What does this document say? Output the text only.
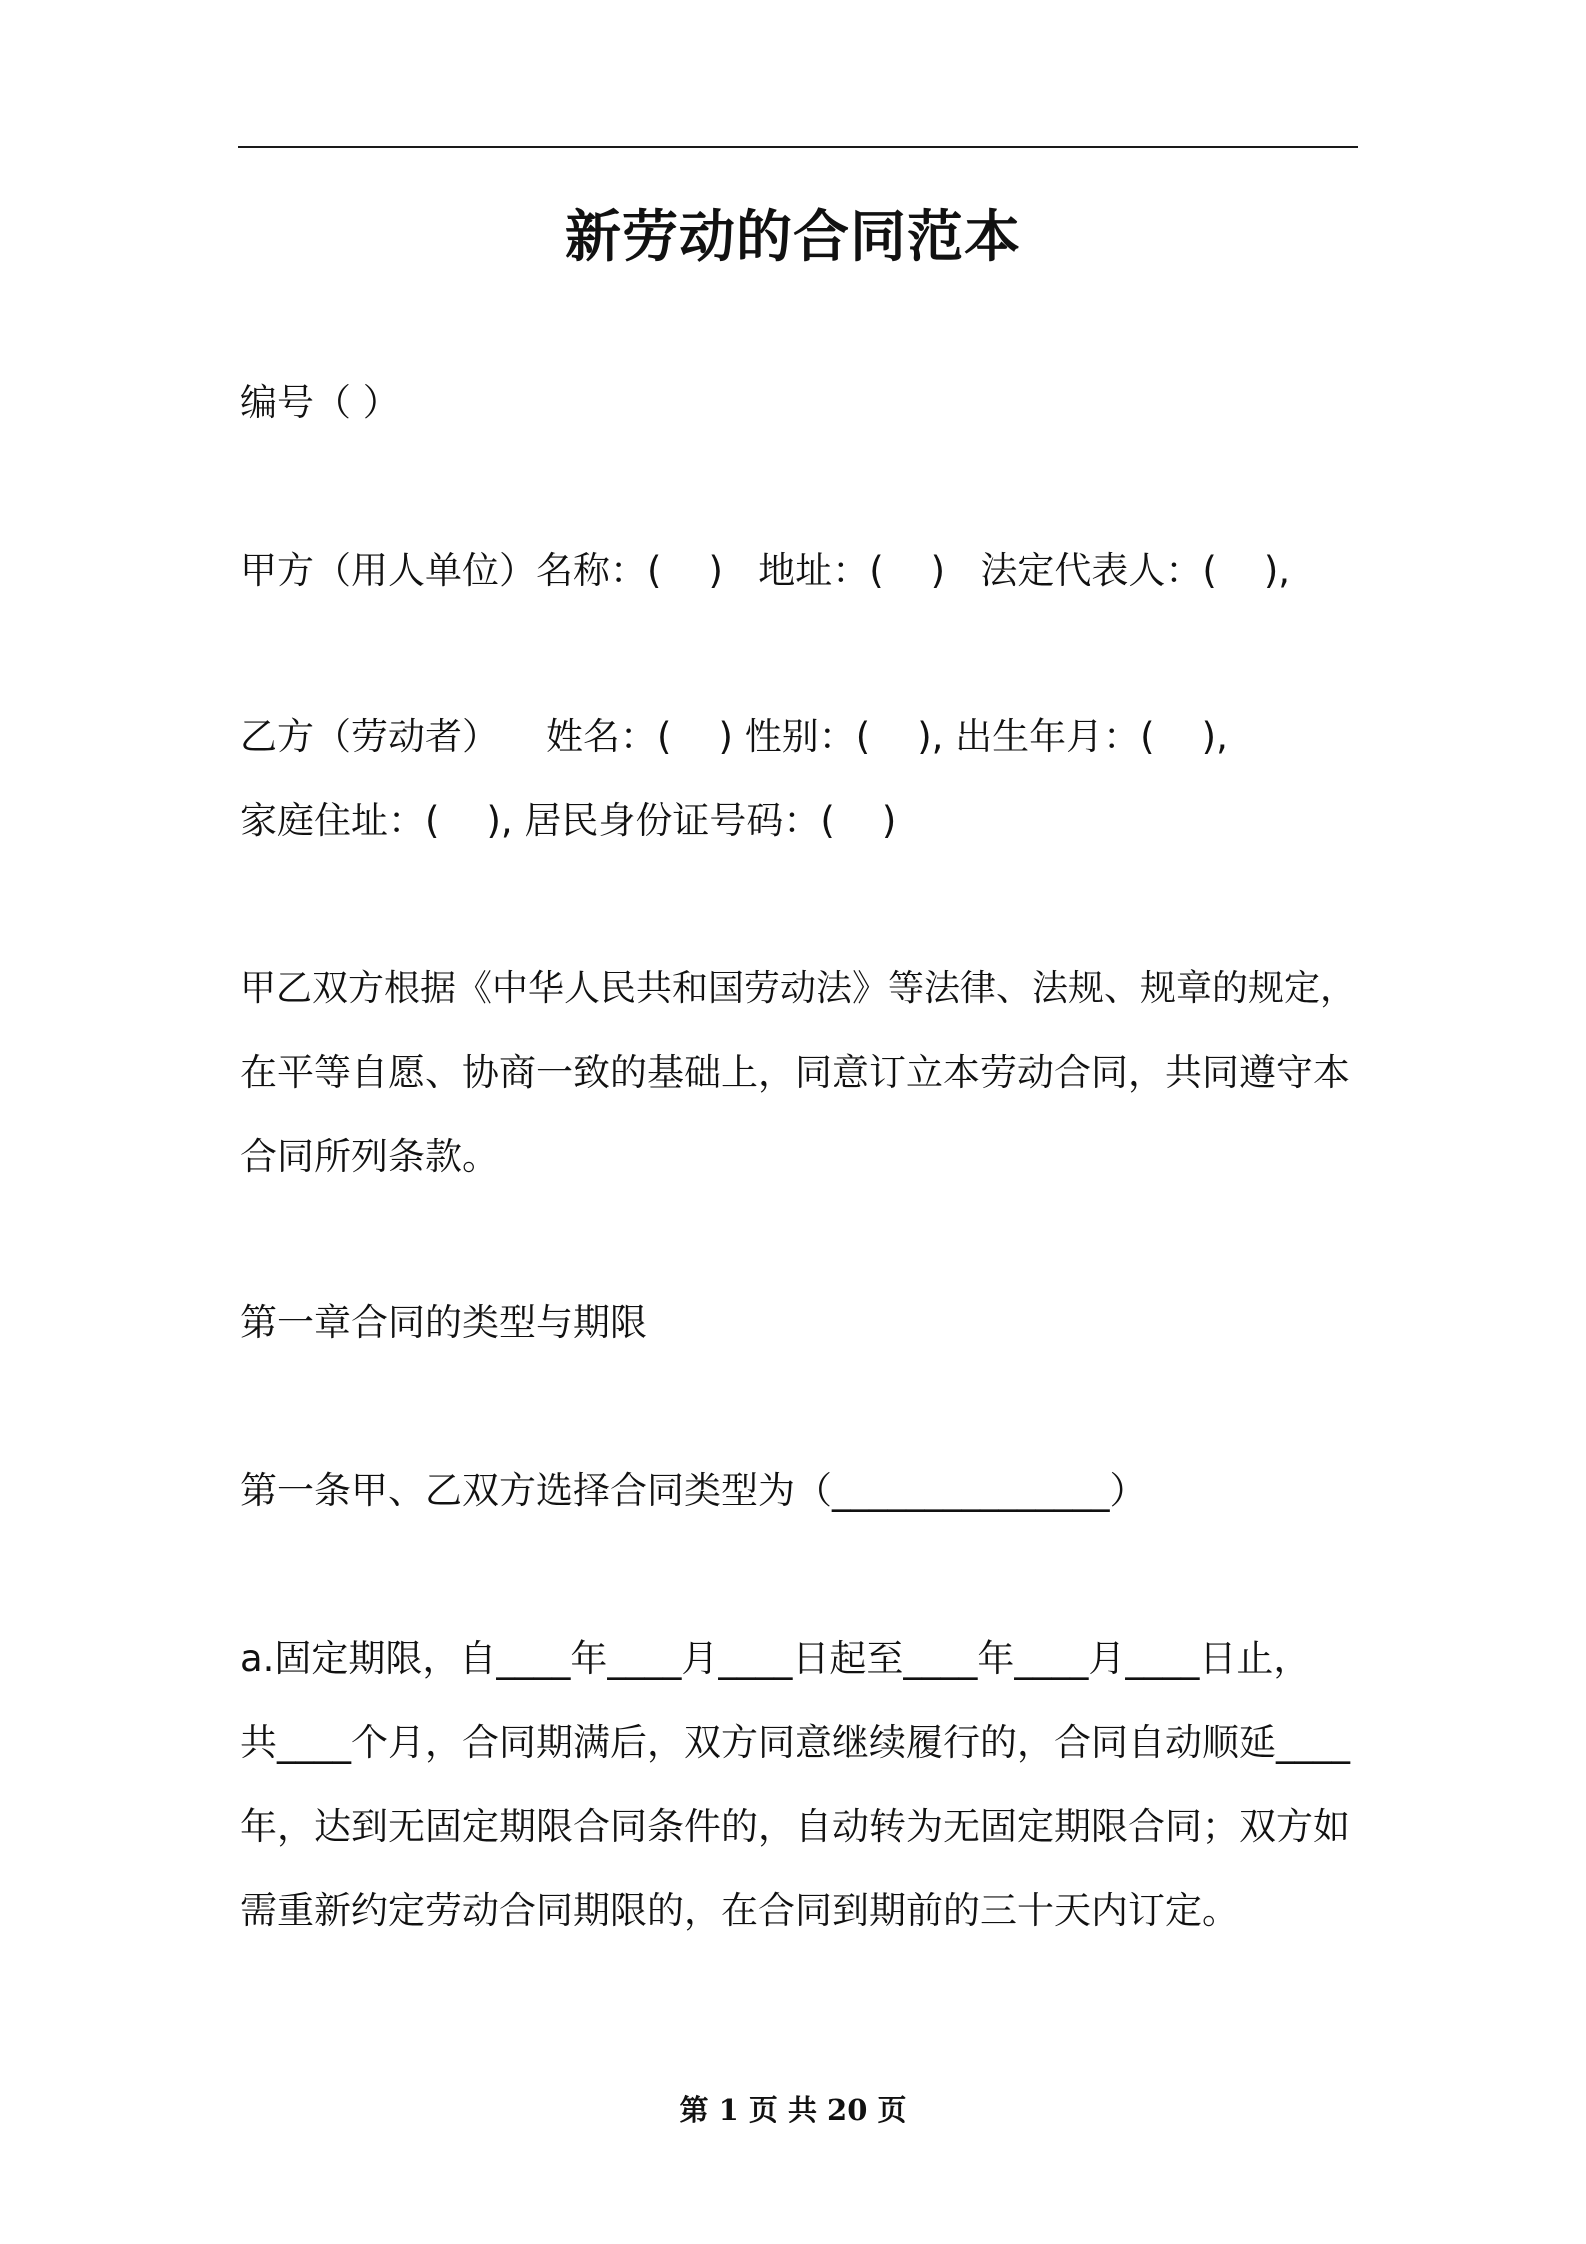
新劳动的合同范本

编号（ ）

甲方（用人单位）名称：(    )   地址：(    )   法定代表人：(    ),

乙方（劳动者）    姓名：(    ) 性别：(    ), 出生年月：(    ),

家庭住址：(    ), 居民身份证号码：(    )

甲乙双方根据《中华人民共和国劳动法》等法律、法规、规章的规定，

在平等自愿、协商一致的基础上，同意订立本劳动合同，共同遵守本

合同所列条款。

第一章合同的类型与期限

第一条甲、乙双方选择合同类型为（_______________）

a.固定期限，自____年____月____日起至____年____月____日止，

共____个月，合同期满后，双方同意继续履行的，合同自动顺延____

年，达到无固定期限合同条件的，自动转为无固定期限合同；双方如

需重新约定劳动合同期限的，在合同到期前的三十天内订定。

第 1 页 共 20 页
